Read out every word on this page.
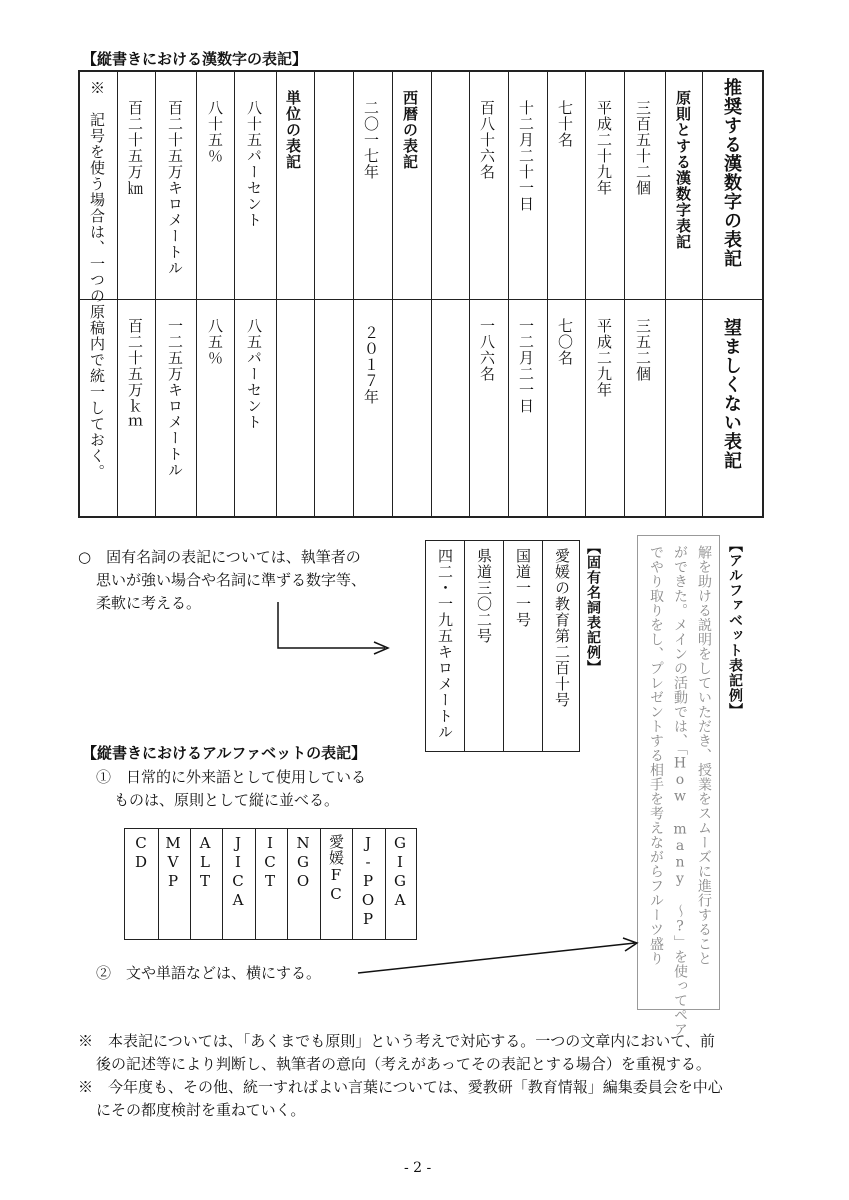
【縦書きにおける漢数字の表記】
推奨する漢数字の表記
望ましくない表記
原則とする漢数字表記
三百五十二個
三五二個
平成二十九年
平成二九年
七十名
七〇名
十二月二十一日
一二月二一日
百八十六名
一八六名
西暦の表記
二〇一七年
２０１７年
単位の表記
八十五パーセント
八五パーセント
八十五％
八五％
百二十五万キロメートル
一二五万キロメートル
百二十五万㎞
百二十五万ｋｍ
※　記号を使う場合は、一つの原稿内で統一しておく。
○　固有名詞の表記については、執筆者の
思いが強い場合や名詞に準ずる数字等、
柔軟に考える。	【固有名詞表記例】
愛媛の教育第二百十号
国道一一号
県道三〇二号
四二・一九五キロメートル	【アルファベット表記例】
解を助ける説明をしていただき、授業をスムーズに進行すること
ができた。メインの活動では、「How many ～?」を使ってペア
でやり取りをし、プレゼントする相手を考えながらフルーツ盛り
【縦書きにおけるアルファベットの表記】
①　日常的に外来語として使用している
ものは、原則として縦に並べる。
CD MVP ALT JICA ICT NGO 愛媛FC J-POP GIGA
②　文や単語などは、横にする。
※　本表記については、「あくまでも原則」という考えで対応する。一つの文章内において、前
後の記述等により判断し、執筆者の意向（考えがあってその表記とする場合）を重視する。
※　今年度も、その他、統一すればよい言葉については、愛教研「教育情報」編集委員会を中心
にその都度検討を重ねていく。
- 2 -
